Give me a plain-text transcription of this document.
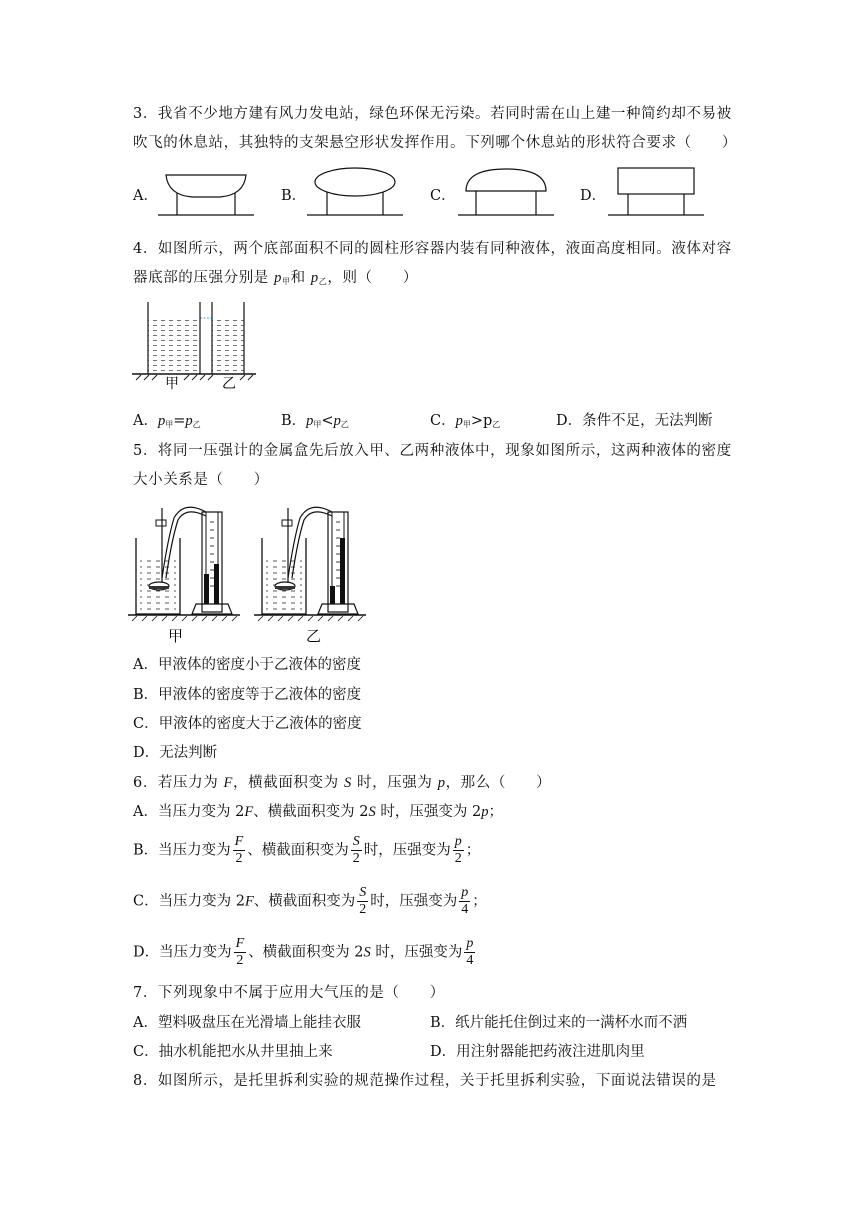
3．我省不少地方建有风力发电站，绿色环保无污染。若同时需在山上建一种简约却不易被
吹飞的休息站，其独特的支架悬空形状发挥作用。下列哪个休息站的形状符合要求（　　）
A．	B．	C．	D．
4．如图所示，两个底部面积不同的圆柱形容器内装有同种液体，液面高度相同。液体对容
器底部的压强分别是 $p_甲$和 $p_乙$，则（　　）
甲	乙
A．$p_甲=p_乙$	B．$p_甲<p_乙$	C．$p_甲>p_乙$	D．条件不足，无法判断
5．将同一压强计的金属盒先后放入甲、乙两种液体中，现象如图所示，这两种液体的密度
大小关系是（　　）
甲	乙
A．甲液体的密度小于乙液体的密度
B．甲液体的密度等于乙液体的密度
C．甲液体的密度大于乙液体的密度
D．无法判断
6．若压力为 F，横截面积变为 S 时，压强为 p，那么（　　）
A．当压力变为 2F、横截面积变为 2S 时，压强变为 2p；
B．当压力变为 $\frac{F}{2}$ 、横截面积变为 $\frac{S}{2}$ 时，压强变为 $\frac{p}{2}$ ；
C．当压力变为 2F、横截面积变为 $\frac{S}{2}$ 时，压强变为 $\frac{p}{4}$ ；
D．当压力变为 $\frac{F}{2}$ 、横截面积变为 2S 时，压强变为 $\frac{p}{4}$
7．下列现象中不属于应用大气压的是（　　）
A．塑料吸盘压在光滑墙上能挂衣服	B．纸片能托住倒过来的一满杯水而不洒
C．抽水机能把水从井里抽上来	D．用注射器能把药液注进肌肉里
8．如图所示，是托里拆利实验的规范操作过程，关于托里拆利实验，下面说法错误的是
